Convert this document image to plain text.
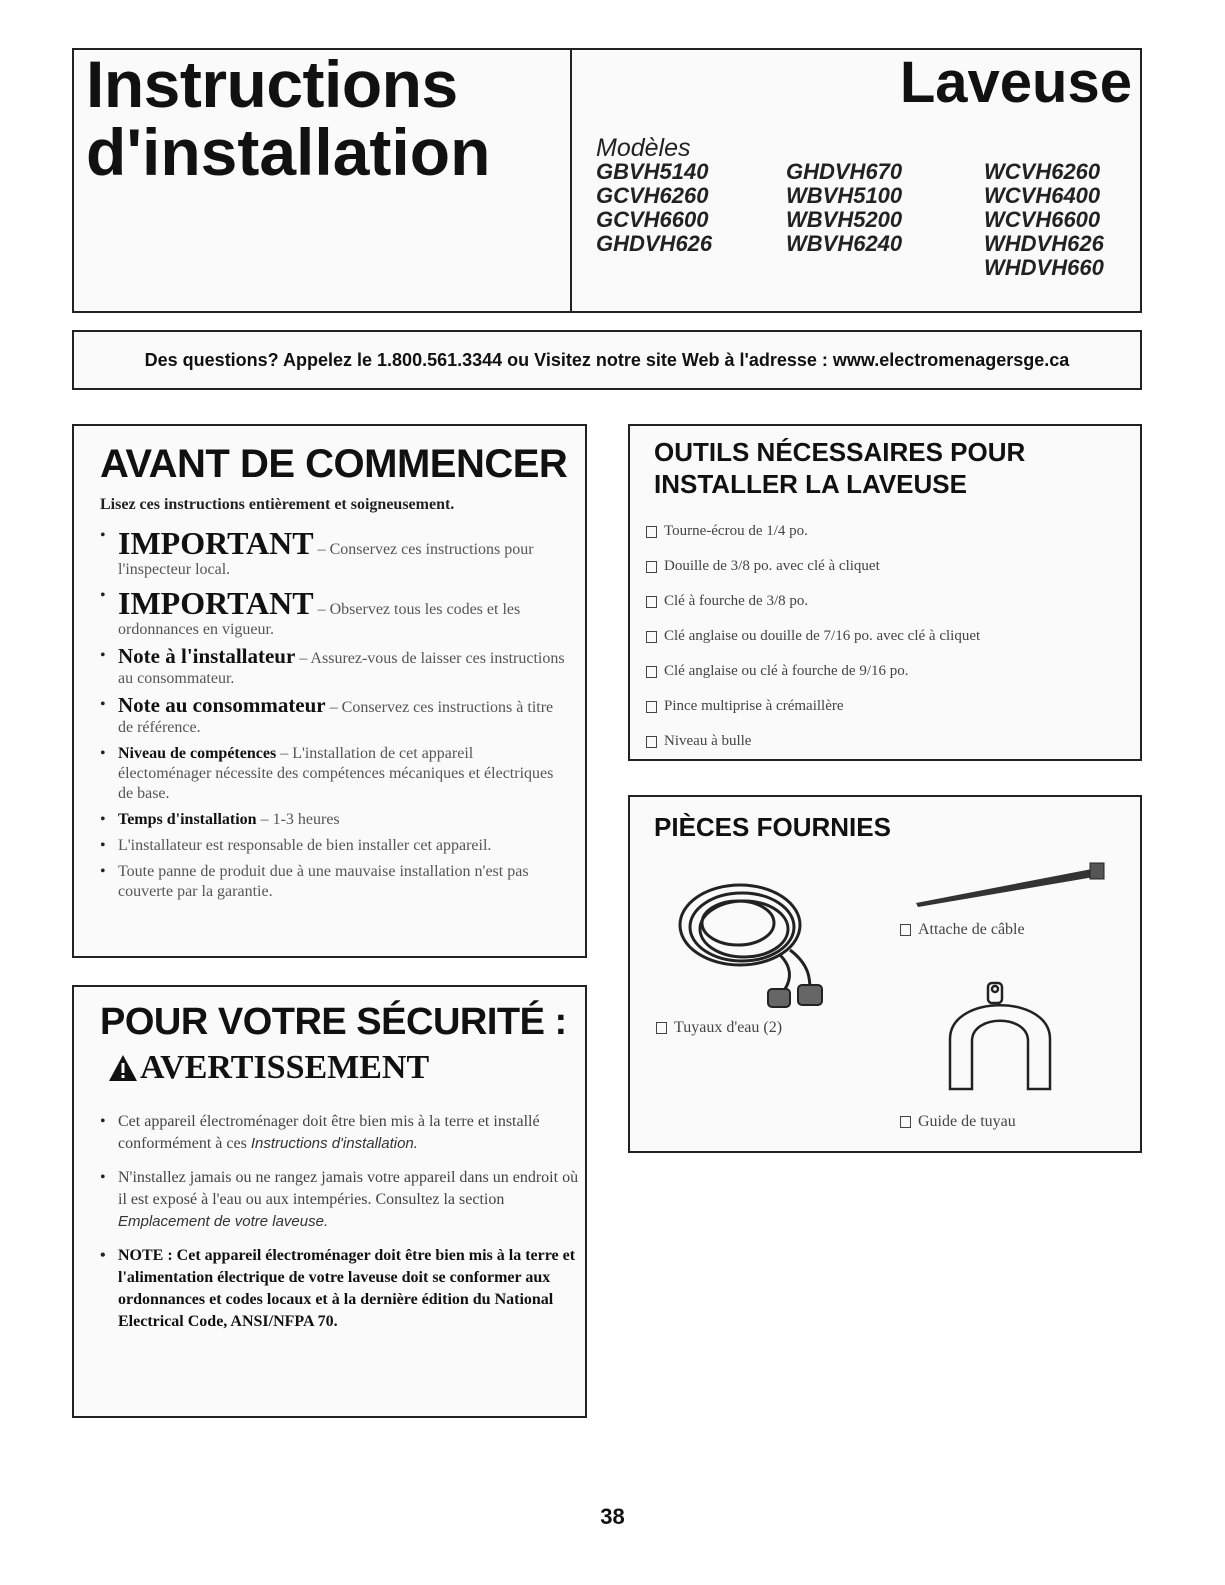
Instructions
d'installation
Laveuse
Modèles
GBVH5140
GCVH6260
GCVH6600
GHDVH626
GHDVH670
WBVH5100
WBVH5200
WBVH6240
WCVH6260
WCVH6400
WCVH6600
WHDVH626
WHDVH660
Des questions? Appelez le 1.800.561.3344 ou Visitez notre site Web à l'adresse : www.electromenagersge.ca
AVANT DE COMMENCER
Lisez ces instructions entièrement et soigneusement.
• IMPORTANT – Conservez ces instructions pour l'inspecteur local.
• IMPORTANT – Observez tous les codes et les ordonnances en vigueur.
• Note à l'installateur – Assurez-vous de laisser ces instructions au consommateur.
• Note au consommateur – Conservez ces instructions à titre de référence.
• Niveau de compétences – L'installation de cet appareil électoménager nécessite des compétences mécaniques et électriques de base.
• Temps d'installation – 1-3 heures
• L'installateur est responsable de bien installer cet appareil.
• Toute panne de produit due à une mauvaise installation n'est pas couverte par la garantie.
POUR VOTRE SÉCURITÉ :
AVERTISSEMENT
• Cet appareil électroménager doit être bien mis à la terre et installé conformément à ces Instructions d'installation.
• N'installez jamais ou ne rangez jamais votre appareil dans un endroit où il est exposé à l'eau ou aux intempéries. Consultez la section Emplacement de votre laveuse.
• NOTE : Cet appareil électroménager doit être bien mis à la terre et l'alimentation électrique de votre laveuse doit se conformer aux ordonnances et codes locaux et à la dernière édition du National Electrical Code, ANSI/NFPA 70.
OUTILS NÉCESSAIRES POUR
INSTALLER LA LAVEUSE
Tourne-écrou de 1/4 po.
Douille de 3/8 po. avec clé à cliquet
Clé à fourche de 3/8 po.
Clé anglaise ou douille de 7/16 po. avec clé à cliquet
Clé anglaise ou clé à fourche de 9/16 po.
Pince multiprise à crémaillère
Niveau à bulle
PIÈCES FOURNIES
Tuyaux d'eau (2)
Attache de câble
Guide de tuyau
38
